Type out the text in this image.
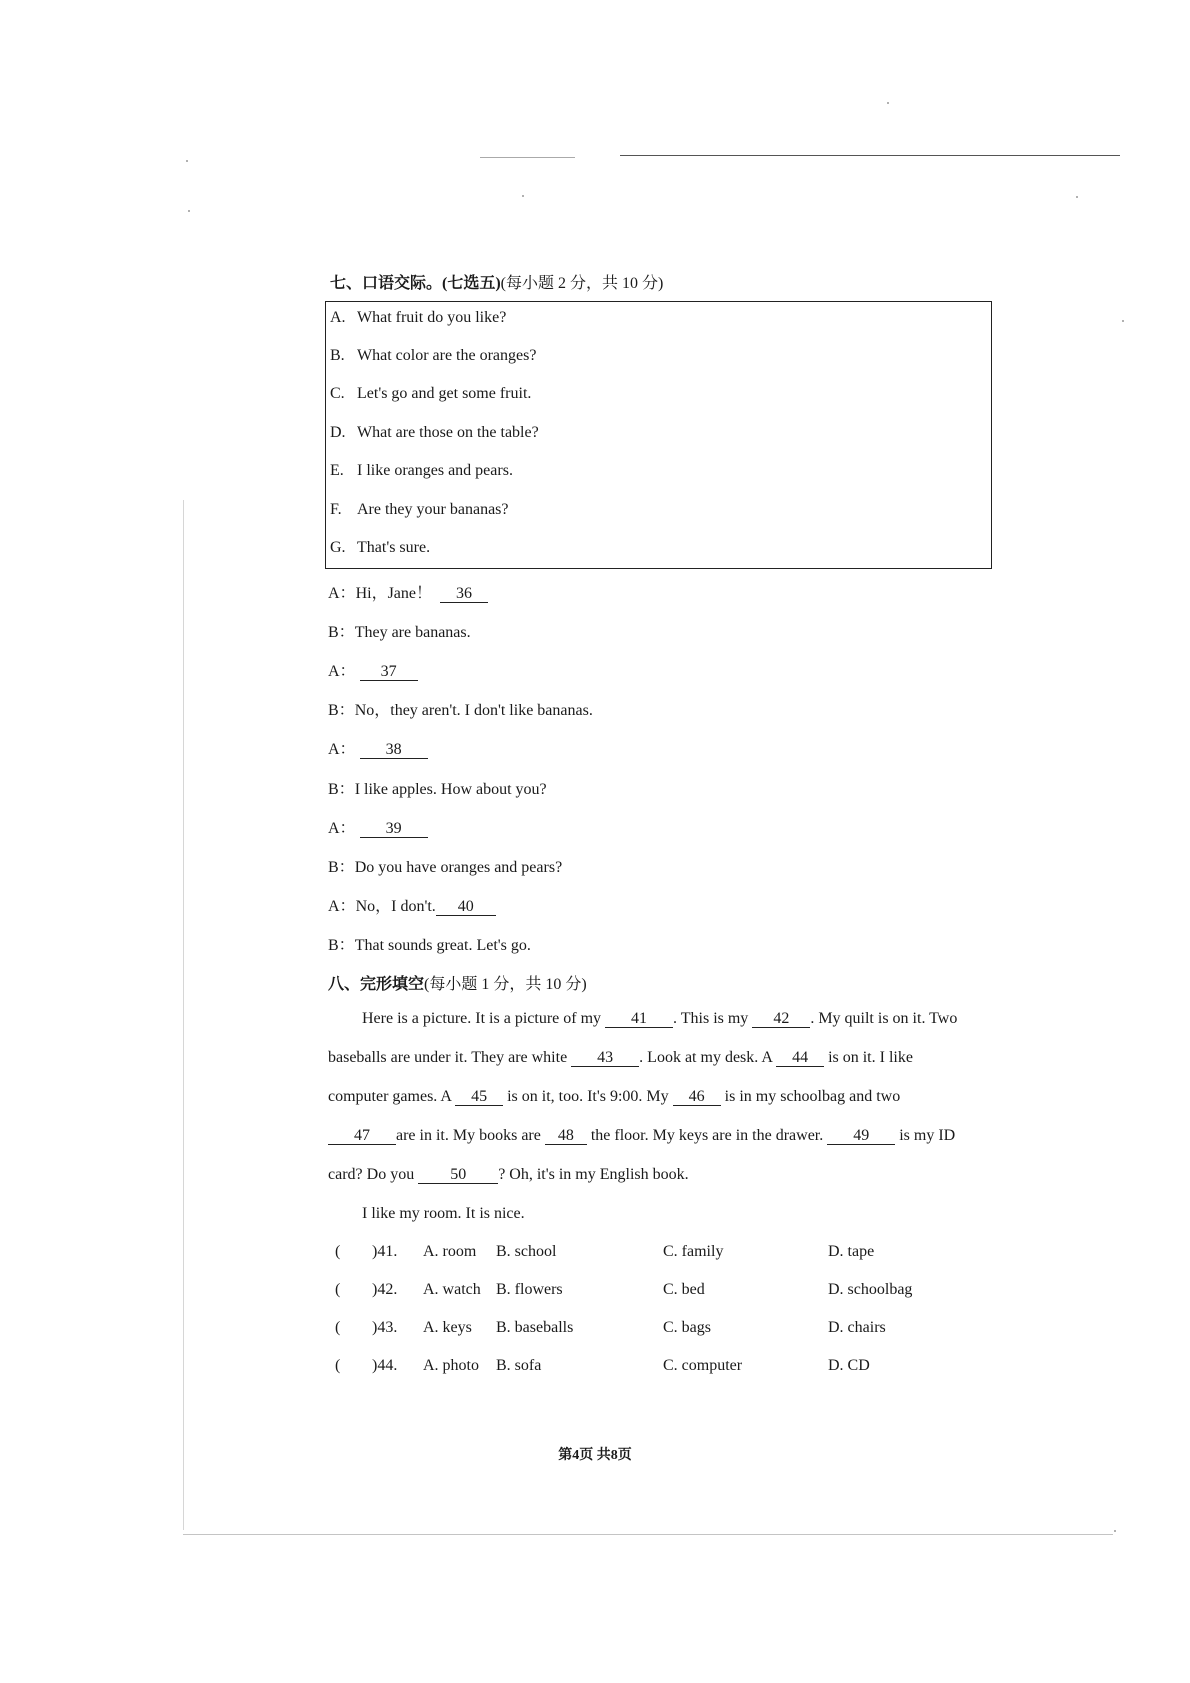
七、口语交际。(七选五)(每小题 2 分，共 10 分)
A. What fruit do you like?
B. What color are the oranges?
C. Let's go and get some fruit.
D. What are those on the table?
E. I like oranges and pears.
F. Are they your bananas?
G. That's sure.
A：Hi，Jane！ 36
B：They are bananas.
A： 37
B：No，they aren't. I don't like bananas.
A： 38
B：I like apples. How about you?
A： 39
B：Do you have oranges and pears?
A：No，I don't. 40
B：That sounds great. Let's go.
八、完形填空(每小题 1 分，共 10 分)
Here is a picture. It is a picture of my 41 . This is my 42 . My quilt is on it. Two
baseballs are under it. They are white 43 . Look at my desk. A 44 is on it. I like
computer games. A 45 is on it, too. It's 9:00. My 46 is in my schoolbag and two
47 are in it. My books are 48 the floor. My keys are in the drawer. 49 is my ID
card? Do you 50 ? Oh, it's in my English book.
I like my room. It is nice.
( )41. A. room B. school	C. family	D. tape
( )42. A. watch B. flowers	C. bed	D. schoolbag
( )43. A. keys B. baseballs	C. bags	D. chairs
( )44. A. photo B. sofa	C. computer	D. CD
第4页 共8页
